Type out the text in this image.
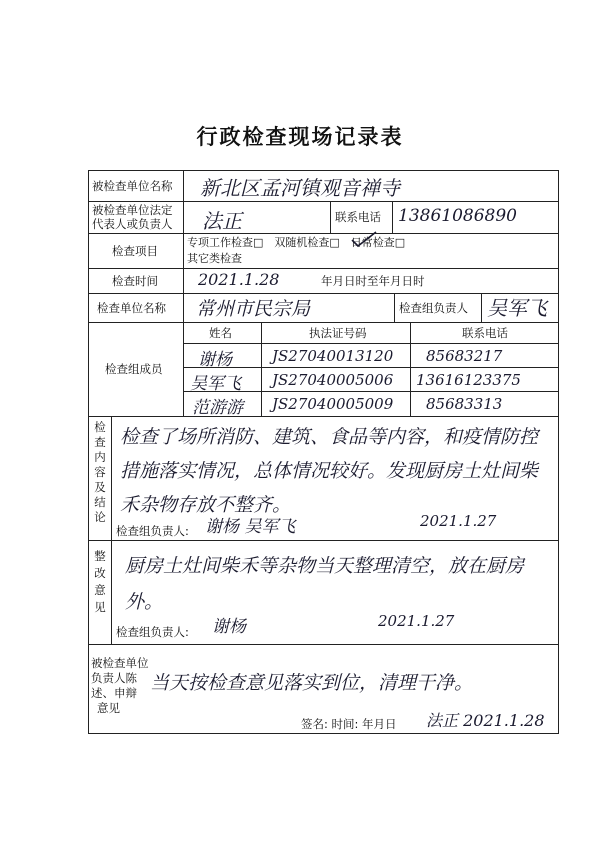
行政检查现场记录表
被检查单位名称 新北区孟河镇观音禅寺
被检查单位法定
代表人或负责人 法正	联系电话 13861086890
检查项目
专项工作检查□　双随机检查□　日常检查□
其它类检查
检查时间	2021.1.28	年月日时至年月日时
检查单位名称 常州市民宗局	检查组负责人 吴军飞
检查组成员
姓名	执法证号码	联系电话
谢杨	JS27040013120 85683217
吴军飞 JS27040005006 13616123375
范游游 JS27040005009 85683313
检查内容及结论
检查了场所消防、建筑、食品等内容，和疫情防控措施落实情况，总体情况较好。发现厨房土灶间柴禾杂物存放不整齐。
检查组负责人: 谢杨 吴军飞	2021.1.27
整改意见
厨房土灶间柴禾等杂物当天整理清空，放在厨房外。
检查组负责人: 谢杨	2021.1.27
被检查单位
负责人陈
述、申辩
意见
当天按检查意见落实到位，清理干净。
签名: 时间: 年月日 法正 2021.1.28
